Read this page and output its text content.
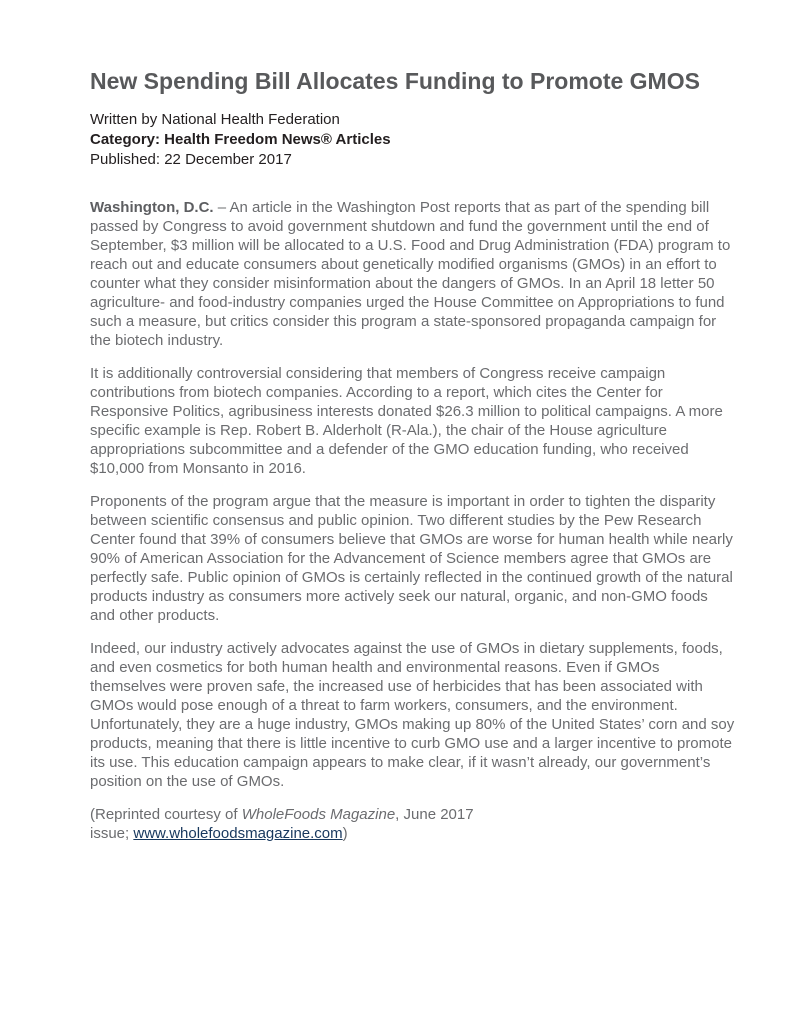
New Spending Bill Allocates Funding to Promote GMOS
Written by National Health Federation
Category: Health Freedom News® Articles
Published: 22 December 2017

Washington, D.C. – An article in the Washington Post reports that as part of the spending bill passed by Congress to avoid government shutdown and fund the government until the end of September, $3 million will be allocated to a U.S. Food and Drug Administration (FDA) program to reach out and educate consumers about genetically modified organisms (GMOs) in an effort to counter what they consider misinformation about the dangers of GMOs. In an April 18 letter 50 agriculture- and food-industry companies urged the House Committee on Appropriations to fund such a measure, but critics consider this program a state-sponsored propaganda campaign for the biotech industry.

It is additionally controversial considering that members of Congress receive campaign contributions from biotech companies. According to a report, which cites the Center for Responsive Politics, agribusiness interests donated $26.3 million to political campaigns. A more specific example is Rep. Robert B. Alderholt (R-Ala.), the chair of the House agriculture appropriations subcommittee and a defender of the GMO education funding, who received $10,000 from Monsanto in 2016.

Proponents of the program argue that the measure is important in order to tighten the disparity between scientific consensus and public opinion. Two different studies by the Pew Research Center found that 39% of consumers believe that GMOs are worse for human health while nearly 90% of American Association for the Advancement of Science members agree that GMOs are perfectly safe. Public opinion of GMOs is certainly reflected in the continued growth of the natural products industry as consumers more actively seek our natural, organic, and non-GMO foods and other products.

Indeed, our industry actively advocates against the use of GMOs in dietary supplements, foods, and even cosmetics for both human health and environmental reasons. Even if GMOs themselves were proven safe, the increased use of herbicides that has been associated with GMOs would pose enough of a threat to farm workers, consumers, and the environment. Unfortunately, they are a huge industry, GMOs making up 80% of the United States’ corn and soy products, meaning that there is little incentive to curb GMO use and a larger incentive to promote its use. This education campaign appears to make clear, if it wasn’t already, our government’s position on the use of GMOs.

(Reprinted courtesy of WholeFoods Magazine, June 2017
issue; www.wholefoodsmagazine.com)
